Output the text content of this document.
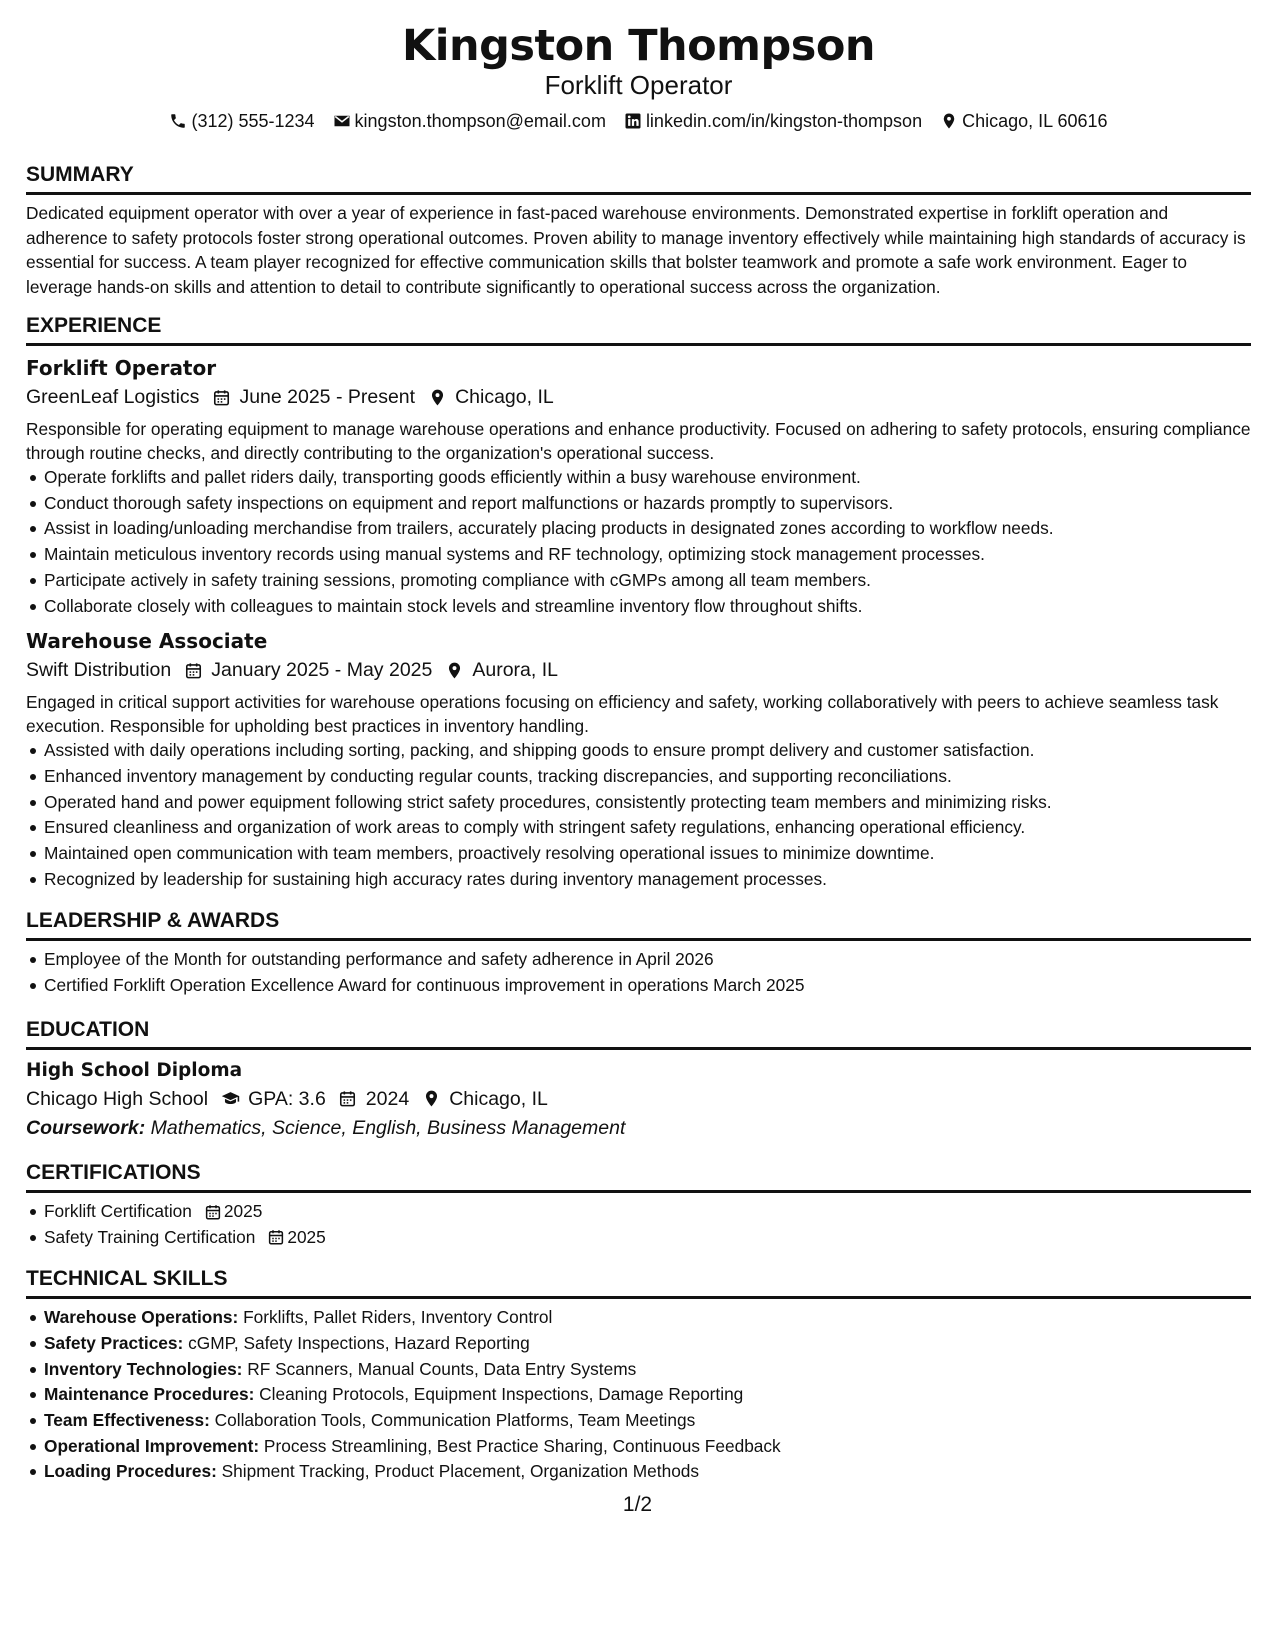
Kingston Thompson
Forklift Operator
(312) 555-1234 kingston.thompson@email.com linkedin.com/in/kingston-thompson Chicago, IL 60616
SUMMARY
Dedicated equipment operator with over a year of experience in fast-paced warehouse environments. Demonstrated expertise in forklift operation and adherence to safety protocols foster strong operational outcomes. Proven ability to manage inventory effectively while maintaining high standards of accuracy is essential for success. A team player recognized for effective communication skills that bolster teamwork and promote a safe work environment. Eager to leverage hands-on skills and attention to detail to contribute significantly to operational success across the organization.
EXPERIENCE
Forklift Operator
GreenLeaf Logistics June 2025 - Present Chicago, IL
Responsible for operating equipment to manage warehouse operations and enhance productivity. Focused on adhering to safety protocols, ensuring compliance through routine checks, and directly contributing to the organization's operational success.
Operate forklifts and pallet riders daily, transporting goods efficiently within a busy warehouse environment.
Conduct thorough safety inspections on equipment and report malfunctions or hazards promptly to supervisors.
Assist in loading/unloading merchandise from trailers, accurately placing products in designated zones according to workflow needs.
Maintain meticulous inventory records using manual systems and RF technology, optimizing stock management processes.
Participate actively in safety training sessions, promoting compliance with cGMPs among all team members.
Collaborate closely with colleagues to maintain stock levels and streamline inventory flow throughout shifts.
Warehouse Associate
Swift Distribution January 2025 - May 2025 Aurora, IL
Engaged in critical support activities for warehouse operations focusing on efficiency and safety, working collaboratively with peers to achieve seamless task execution. Responsible for upholding best practices in inventory handling.
Assisted with daily operations including sorting, packing, and shipping goods to ensure prompt delivery and customer satisfaction.
Enhanced inventory management by conducting regular counts, tracking discrepancies, and supporting reconciliations.
Operated hand and power equipment following strict safety procedures, consistently protecting team members and minimizing risks.
Ensured cleanliness and organization of work areas to comply with stringent safety regulations, enhancing operational efficiency.
Maintained open communication with team members, proactively resolving operational issues to minimize downtime.
Recognized by leadership for sustaining high accuracy rates during inventory management processes.
LEADERSHIP & AWARDS
Employee of the Month for outstanding performance and safety adherence in April 2026
Certified Forklift Operation Excellence Award for continuous improvement in operations March 2025
EDUCATION
High School Diploma
Chicago High School GPA: 3.6 2024 Chicago, IL
Coursework: Mathematics, Science, English, Business Management
CERTIFICATIONS
Forklift Certification 2025
Safety Training Certification 2025
TECHNICAL SKILLS
Warehouse Operations: Forklifts, Pallet Riders, Inventory Control
Safety Practices: cGMP, Safety Inspections, Hazard Reporting
Inventory Technologies: RF Scanners, Manual Counts, Data Entry Systems
Maintenance Procedures: Cleaning Protocols, Equipment Inspections, Damage Reporting
Team Effectiveness: Collaboration Tools, Communication Platforms, Team Meetings
Operational Improvement: Process Streamlining, Best Practice Sharing, Continuous Feedback
Loading Procedures: Shipment Tracking, Product Placement, Organization Methods
1/2
